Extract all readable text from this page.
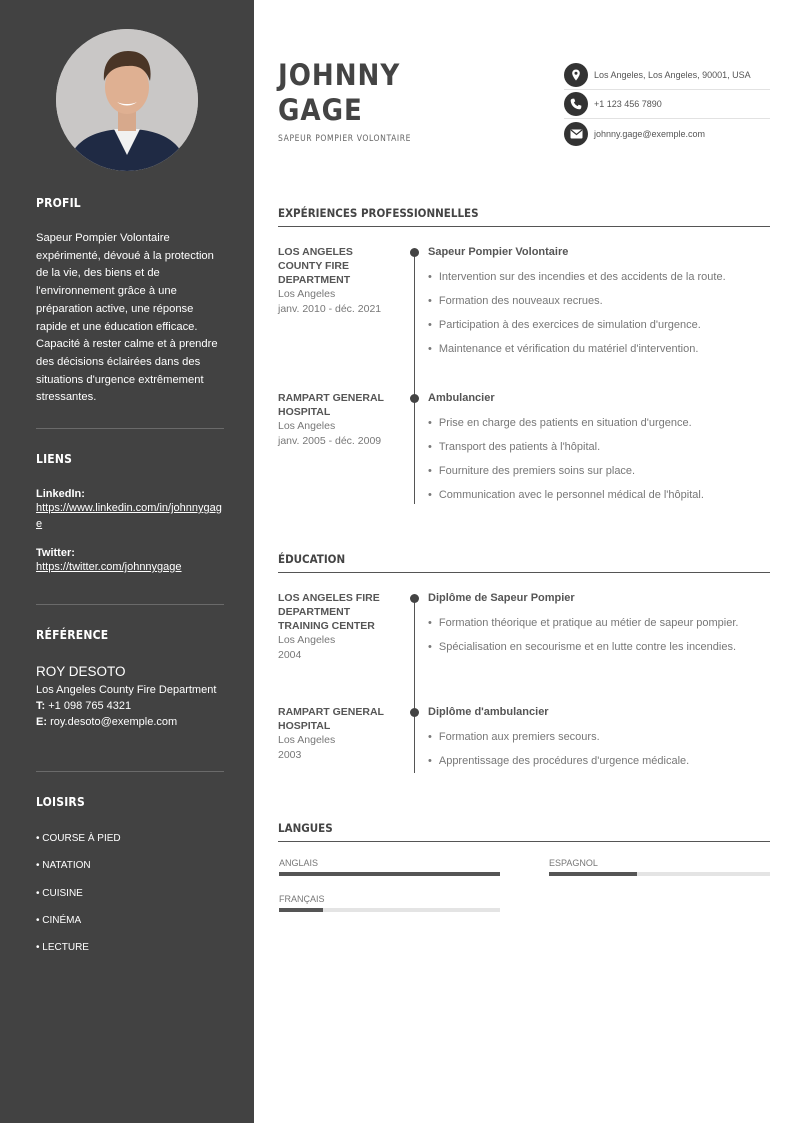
PROFIL

Sapeur Pompier Volontaire expérimenté, dévoué à la protection de la vie, des biens et de l'environnement grâce à une préparation active, une réponse rapide et une éducation efficace. Capacité à rester calme et à prendre des décisions éclairées dans des situations d'urgence extrêmement stressantes.

LIENS
LinkedIn:
https://www.linkedin.com/in/johnnygage
Twitter:
https://twitter.com/johnnygage
RÉFÉRENCE
ROY DESOTO
Los Angeles County Fire Department
T: +1 098 765 4321
E: roy.desoto@exemple.com
LOISIRS
• COURSE À PIED
• NATATION
• CUISINE
• CINÉMA
• LECTURE
JOHNNY
GAGE
SAPEUR POMPIER VOLONTAIRE
Los Angeles, Los Angeles, 90001, USA
+1 123 456 7890
johnny.gage@exemple.com
EXPÉRIENCES PROFESSIONNELLES
LOS ANGELES COUNTY FIRE DEPARTMENT
Los Angeles
janv. 2010 - déc. 2021
Sapeur Pompier Volontaire
• Intervention sur des incendies et des accidents de la route.
• Formation des nouveaux recrues.
• Participation à des exercices de simulation d'urgence.
• Maintenance et vérification du matériel d'intervention.
RAMPART GENERAL HOSPITAL
Los Angeles
janv. 2005 - déc. 2009
Ambulancier
• Prise en charge des patients en situation d'urgence.
• Transport des patients à l'hôpital.
• Fourniture des premiers soins sur place.
• Communication avec le personnel médical de l'hôpital.
ÉDUCATION
LOS ANGELES FIRE DEPARTMENT TRAINING CENTER
Los Angeles
2004
Diplôme de Sapeur Pompier
• Formation théorique et pratique au métier de sapeur pompier.
• Spécialisation en secourisme et en lutte contre les incendies.
RAMPART GENERAL HOSPITAL
Los Angeles
2003
Diplôme d'ambulancier
• Formation aux premiers secours.
• Apprentissage des procédures d'urgence médicale.
LANGUES
ANGLAIS	ESPAGNOL
FRANÇAIS
